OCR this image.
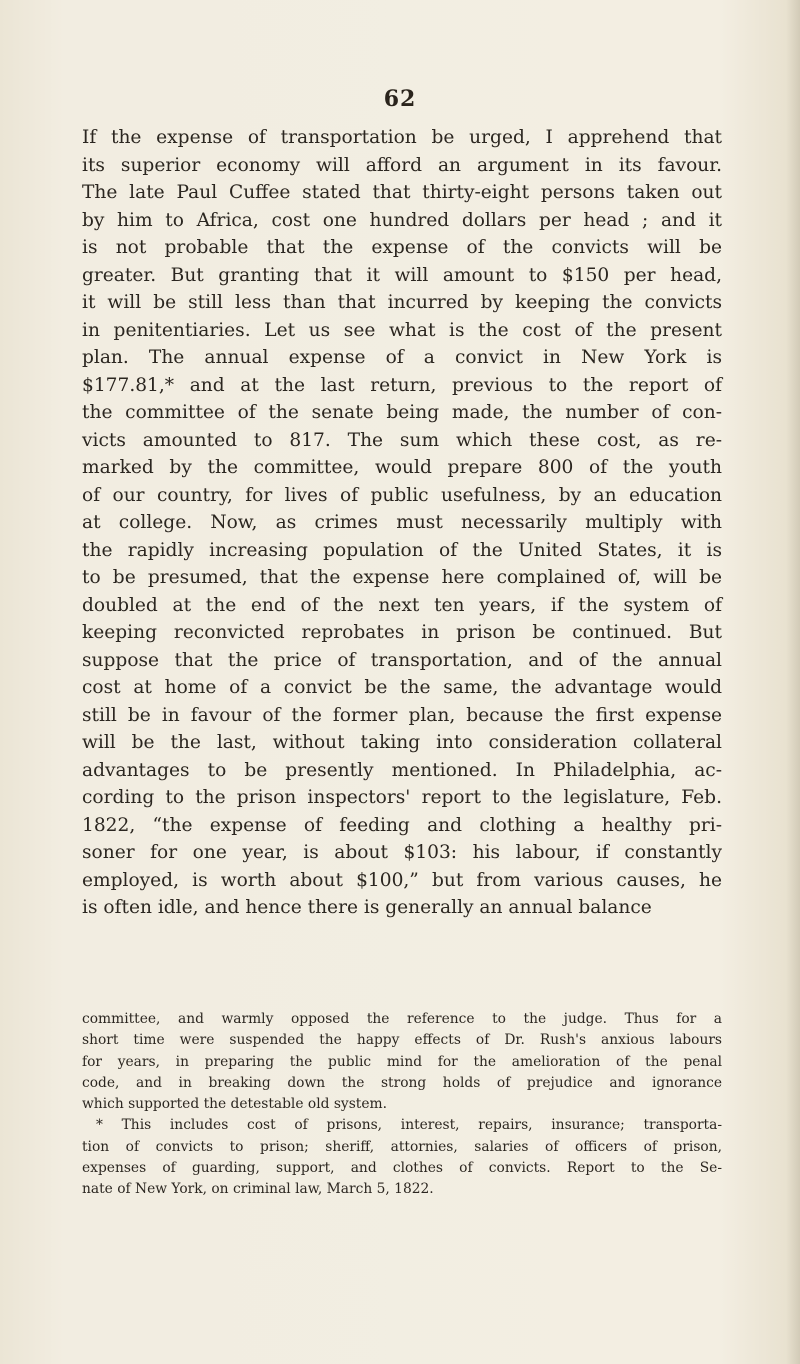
62
If the expense of transportation be urged, I apprehend that
its superior economy will afford an argument in its favour.
The late Paul Cuffee stated that thirty-eight persons taken out
by him to Africa, cost one hundred dollars per head ; and it
is not probable that the expense of the convicts will be
greater. But granting that it will amount to $150 per head,
it will be still less than that incurred by keeping the convicts
in penitentiaries. Let us see what is the cost of the present
plan. The annual expense of a convict in New York is
$177.81,* and at the last return, previous to the report of
the committee of the senate being made, the number of con-
victs amounted to 817. The sum which these cost, as re-
marked by the committee, would prepare 800 of the youth
of our country, for lives of public usefulness, by an education
at college. Now, as crimes must necessarily multiply with
the rapidly increasing population of the United States, it is
to be presumed, that the expense here complained of, will be
doubled at the end of the next ten years, if the system of
keeping reconvicted reprobates in prison be continued. But
suppose that the price of transportation, and of the annual
cost at home of a convict be the same, the advantage would
still be in favour of the former plan, because the first expense
will be the last, without taking into consideration collateral
advantages to be presently mentioned. In Philadelphia, ac-
cording to the prison inspectors' report to the legislature, Feb.
1822, “the expense of feeding and clothing a healthy pri-
soner for one year, is about $103: his labour, if constantly
employed, is worth about $100,” but from various causes, he
is often idle, and hence there is generally an annual balance
committee, and warmly opposed the reference to the judge. Thus for a
short time were suspended the happy effects of Dr. Rush's anxious labours
for years, in preparing the public mind for the amelioration of the penal
code, and in breaking down the strong holds of prejudice and ignorance
which supported the detestable old system.
* This includes cost of prisons, interest, repairs, insurance; transporta-
tion of convicts to prison; sheriff, attornies, salaries of officers of prison,
expenses of guarding, support, and clothes of convicts. Report to the Se-
nate of New York, on criminal law, March 5, 1822.
